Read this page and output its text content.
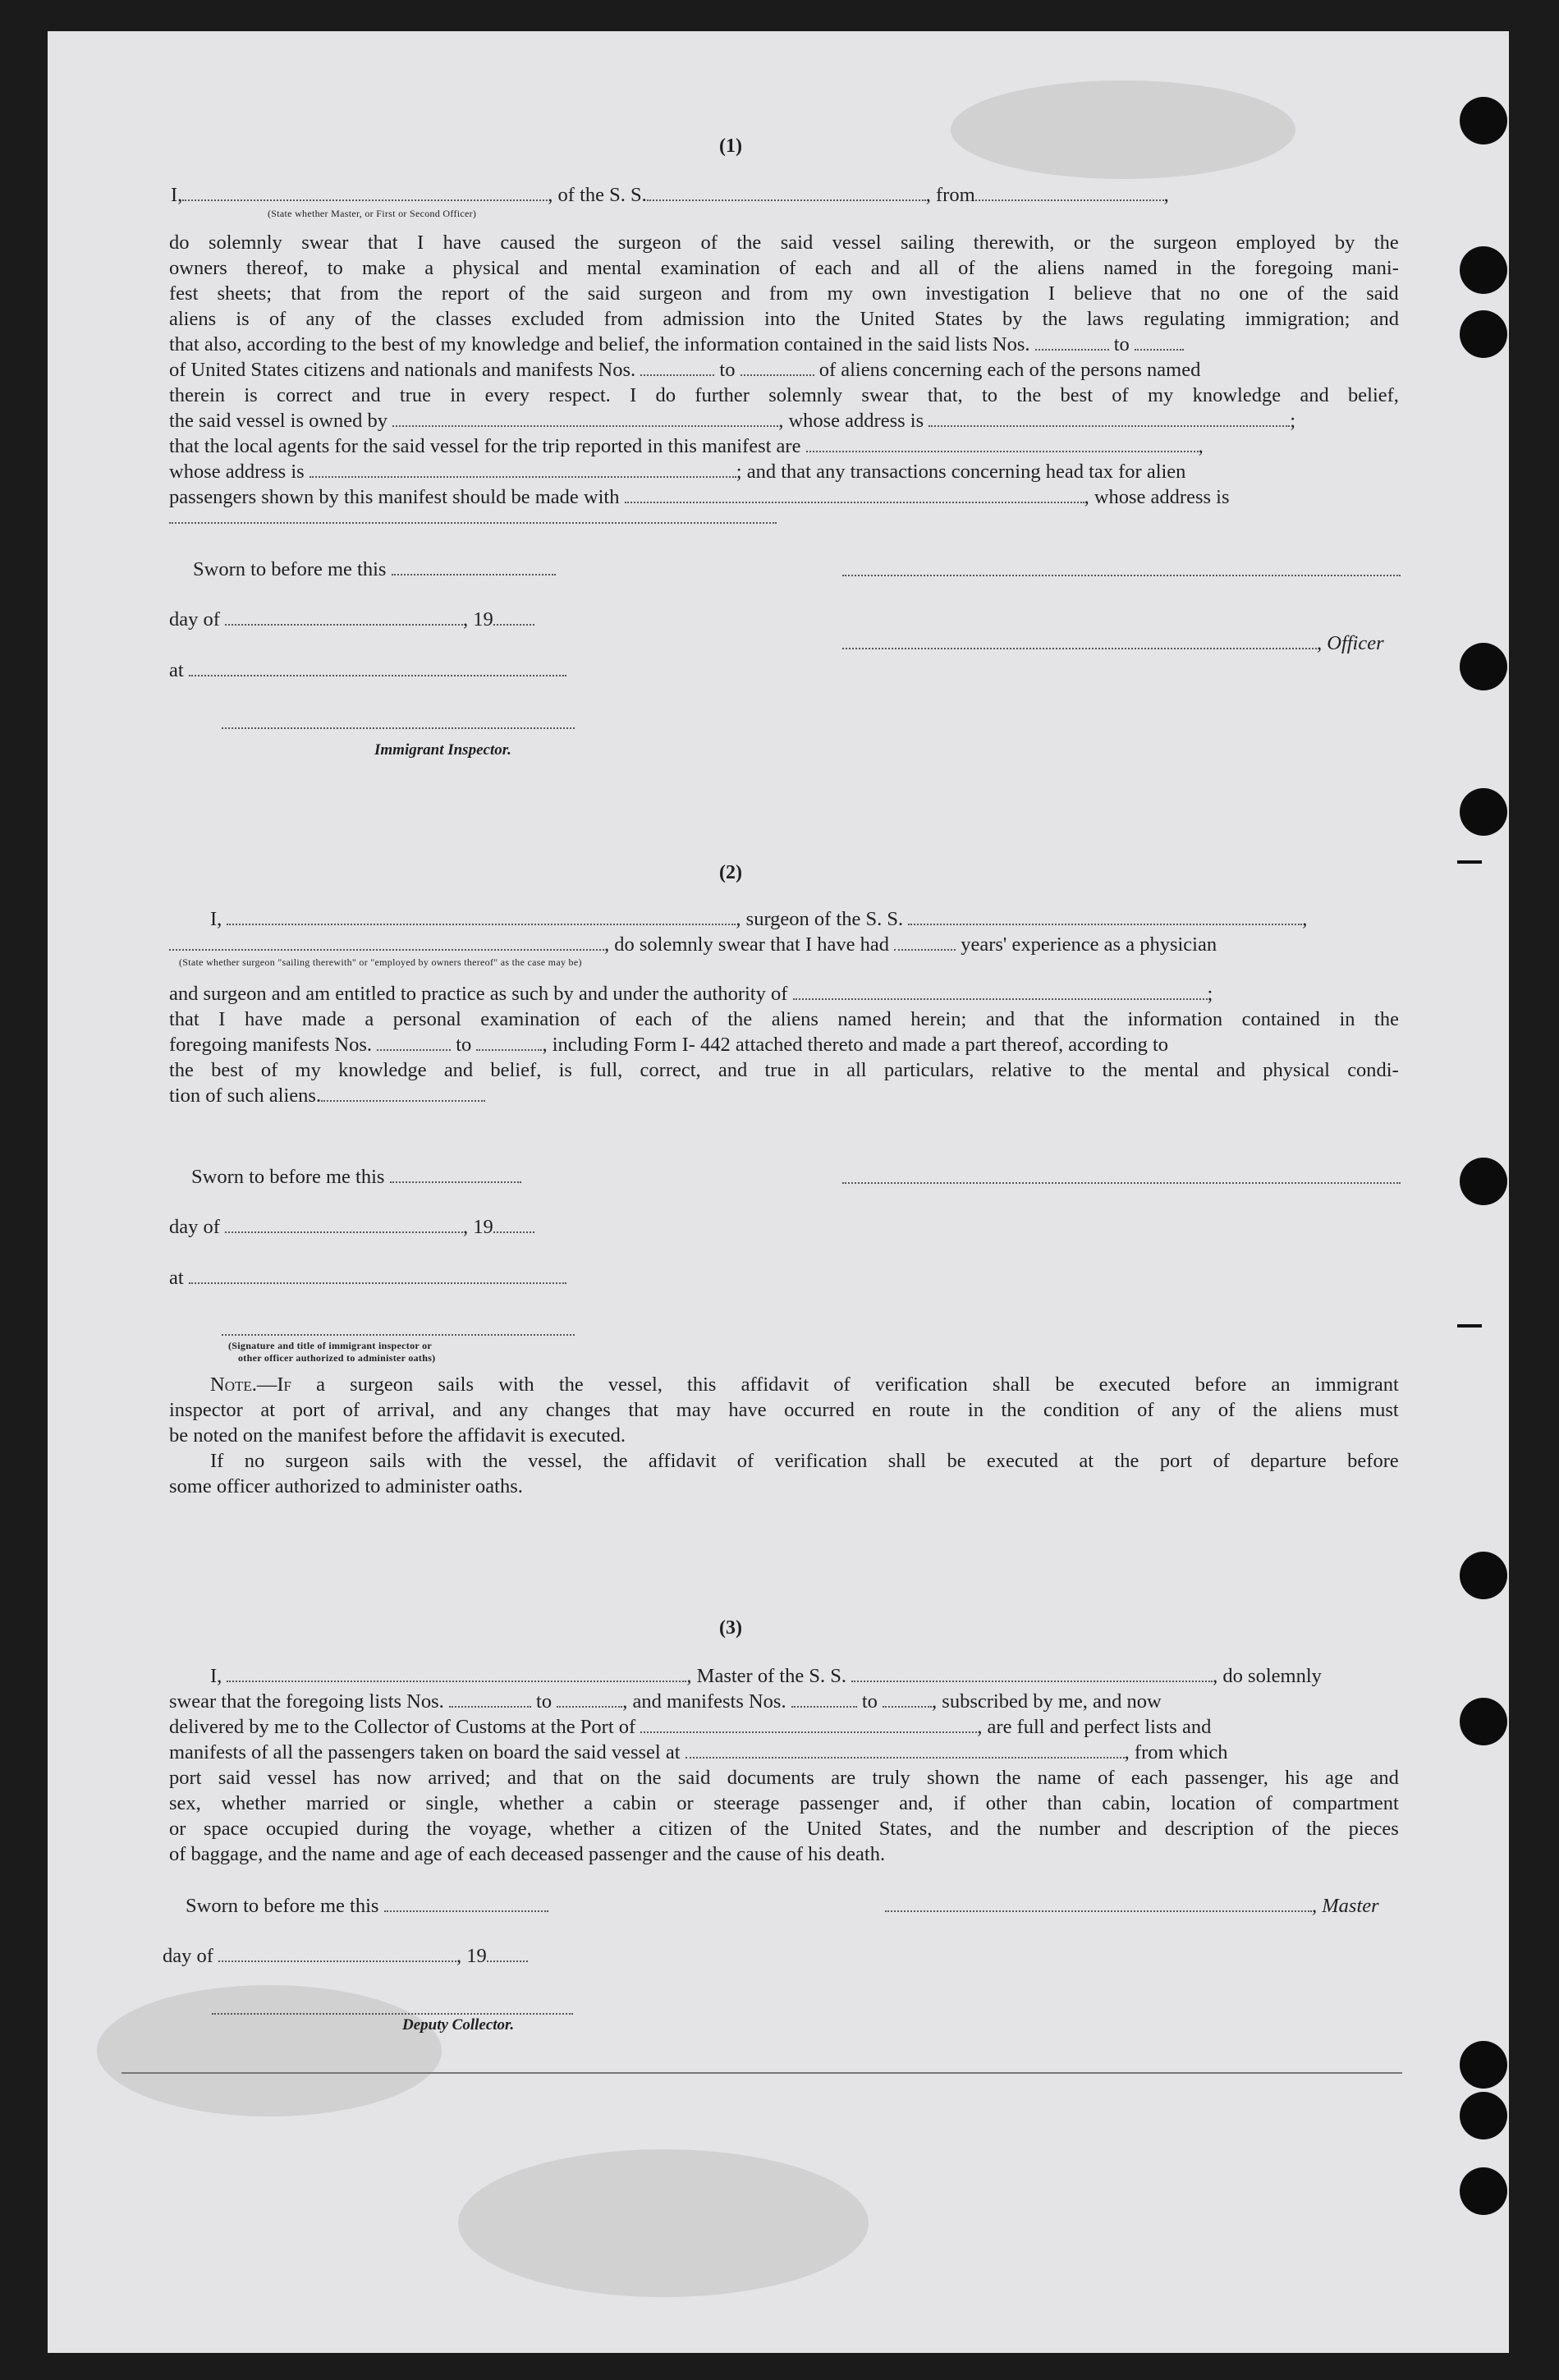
(1)
I,	, of the S. S.	, from	,
(State whether Master, or First or Second Officer)
do solemnly swear that I have caused the surgeon of the said vessel sailing therewith, or the surgeon employed by the
owners thereof, to make a physical and mental examination of each and all of the aliens named in the foregoing mani-
fest sheets; that from the report of the said surgeon and from my own investigation I believe that no one of the said
aliens is of any of the classes excluded from admission into the United States by the laws regulating immigration; and
that also, according to the best of my knowledge and belief, the information contained in the said lists Nos.	to
of United States citizens and nationals and manifests Nos.	to	of aliens concerning each of the persons named
therein is correct and true in every respect. I do further solemnly swear that, to the best of my knowledge and belief,
the said vessel is owned by	, whose address is	;
that the local agents for the said vessel for the trip reported in this manifest are	,
whose address is	; and that any transactions concerning head tax for alien
passengers shown by this manifest should be made with	, whose address is
Sworn to before me this
day of	, 19
, Officer
at
Immigrant Inspector.
(2)
I,	, surgeon of the S. S.	,
, do solemnly swear that I have had	years' experience as a physician
(State whether surgeon "sailing therewith" or "employed by owners thereof" as the case may be)
and surgeon and am entitled to practice as such by and under the authority of	;
that I have made a personal examination of each of the aliens named herein; and that the information contained in the
foregoing manifests Nos.	to	, including Form I- 442 attached thereto and made a part thereof, according to
the best of my knowledge and belief, is full, correct, and true in all particulars, relative to the mental and physical condi-
tion of such aliens.
Sworn to before me this
day of	, 19
at
(Signature and title of immigrant inspector or
other officer authorized to administer oaths)
Note.—If a surgeon sails with the vessel, this affidavit of verification shall be executed before an immigrant
inspector at port of arrival, and any changes that may have occurred en route in the condition of any of the aliens must
be noted on the manifest before the affidavit is executed.
If no surgeon sails with the vessel, the affidavit of verification shall be executed at the port of departure before
some officer authorized to administer oaths.
(3)
I,	, Master of the S. S.	, do solemnly
swear that the foregoing lists Nos.	to	, and manifests Nos.	to	, subscribed by me, and now
delivered by me to the Collector of Customs at the Port of	, are full and perfect lists and
manifests of all the passengers taken on board the said vessel at	, from which
port said vessel has now arrived; and that on the said documents are truly shown the name of each passenger, his age and
sex, whether married or single, whether a cabin or steerage passenger and, if other than cabin, location of compartment
or space occupied during the voyage, whether a citizen of the United States, and the number and description of the pieces
of baggage, and the name and age of each deceased passenger and the cause of his death.
Sworn to before me this	, Master
day of	, 19
Deputy Collector.
